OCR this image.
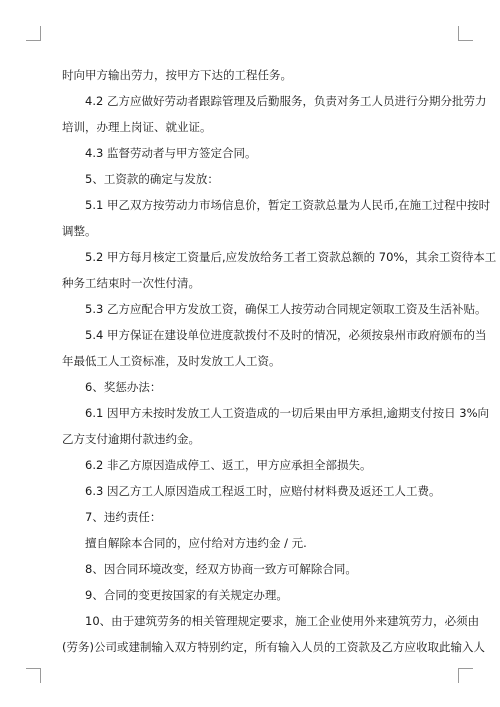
时向甲方输出劳力，按甲方下达的工程任务。
4.2 乙方应做好劳动者跟踪管理及后勤服务，负责对务工人员进行分期分批劳力
培训，办理上岗证、就业证。
4.3 监督劳动者与甲方签定合同。
5、工资款的确定与发放：
5.1 甲乙双方按劳动力市场信息价，暂定工资款总量为人民币,在施工过程中按时
调整。
5.2 甲方每月核定工资量后,应发放给务工者工资款总额的 70%，其余工资待本工
种务工结束时一次性付清。
5.3 乙方应配合甲方发放工资，确保工人按劳动合同规定领取工资及生活补贴。
5.4 甲方保证在建设单位进度款拨付不及时的情况，必须按泉州市政府颁布的当
年最低工人工资标准，及时发放工人工资。
6、奖惩办法：
6.1 因甲方未按时发放工人工资造成的一切后果由甲方承担,逾期支付按日 3%向
乙方支付逾期付款违约金。
6.2 非乙方原因造成停工、返工，甲方应承担全部损失。
6.3 因乙方工人原因造成工程返工时，应赔付材料费及返还工人工费。
7、违约责任：
擅自解除本合同的，应付给对方违约金 / 元.
8、因合同环境改变，经双方协商一致方可解除合同。
9、合同的变更按国家的有关规定办理。
10、由于建筑劳务的相关管理规定要求，施工企业使用外来建筑劳力，必须由
(劳务)公司或建制输入双方特别约定，所有输入人员的工资款及乙方应收取此输入人
